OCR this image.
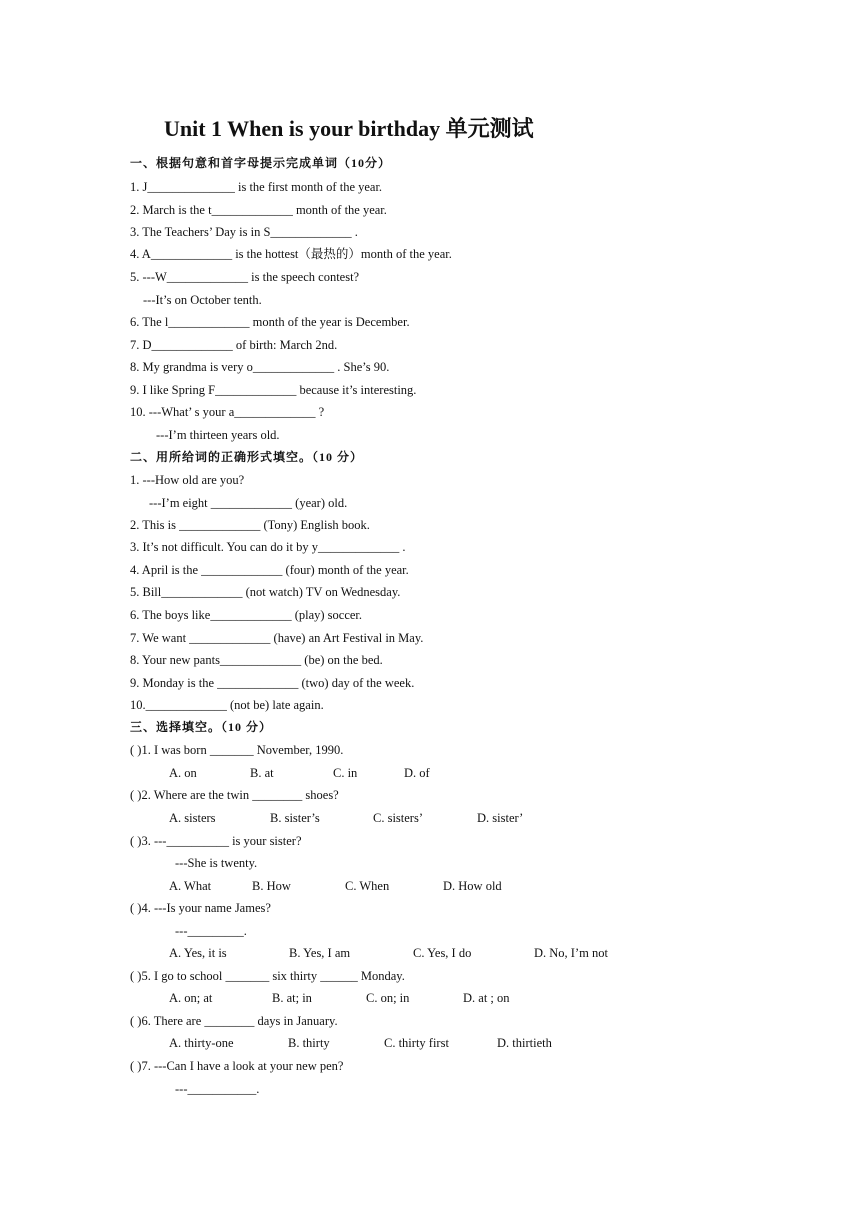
Unit 1 When is your birthday 单元测试
一、根据句意和首字母提示完成单词（10分）
1. J______________ is the first month of the year.
2. March is the t_____________ month of the year.
3. The Teachers’ Day is in S_____________ .
4. A_____________ is the hottest（最热的）month of the year.
5. ---W_____________ is the speech contest?
---It’s on October tenth.
6. The l_____________ month of the year is December.
7. D_____________ of birth: March 2nd.
8. My grandma is very o_____________ . She’s 90.
9. I like Spring F_____________ because it’s interesting.
10. ---What’ s your a_____________ ?
---I’m thirteen years old.
二、用所给词的正确形式填空。（10 分）
1. ---How old are you?
---I’m eight _____________ (year) old.
2. This is _____________ (Tony) English book.
3. It’s not difficult. You can do it by y_____________ .
4. April is the _____________ (four) month of the year.
5. Bill_____________ (not watch) TV on Wednesday.
6. The boys like_____________ (play) soccer.
7. We want _____________ (have) an Art Festival in May.
8. Your new pants_____________ (be) on the bed.
9. Monday is the _____________ (two) day of the week.
10._____________ (not be) late again.
三、选择填空。（10 分）
( )1. I was born _______ November, 1990.
A. on	B. at	C. in	D. of
( )2. Where are the twin ________ shoes?
A. sisters	B. sister’s	C. sisters’	D. sister’
( )3. ---__________ is your sister?
---She is twenty.
A. What	B. How	C. When	D. How old
( )4. ---Is your name James?
---_________.
A. Yes, it is	B. Yes, I am	C. Yes, I do	D. No, I’m not
( )5. I go to school _______ six thirty ______ Monday.
A. on; at	B. at; in	C. on; in	D. at ; on
( )6. There are ________ days in January.
A. thirty-one	B. thirty	C. thirty first	D. thirtieth
( )7. ---Can I have a look at your new pen?
---___________.
